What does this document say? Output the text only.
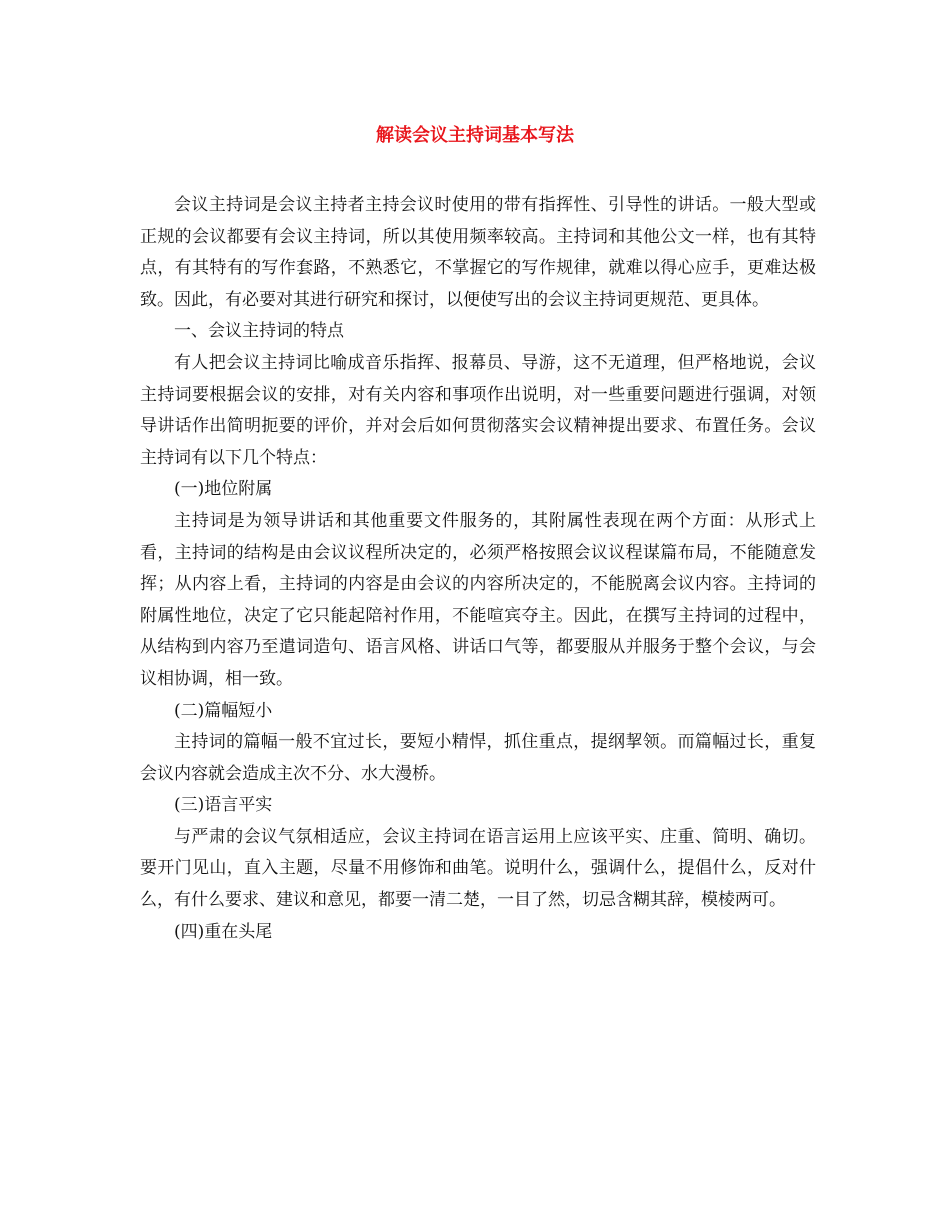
解读会议主持词基本写法

会议主持词是会议主持者主持会议时使用的带有指挥性、引导性的讲话。一般大型或正规的会议都要有会议主持词，所以其使用频率较高。主持词和其他公文一样，也有其特点，有其特有的写作套路，不熟悉它，不掌握它的写作规律，就难以得心应手，更难达极致。因此，有必要对其进行研究和探讨，以便使写出的会议主持词更规范、更具体。

一、会议主持词的特点

有人把会议主持词比喻成音乐指挥、报幕员、导游，这不无道理，但严格地说，会议主持词要根据会议的安排，对有关内容和事项作出说明，对一些重要问题进行强调，对领导讲话作出简明扼要的评价，并对会后如何贯彻落实会议精神提出要求、布置任务。会议主持词有以下几个特点：

(一)地位附属

主持词是为领导讲话和其他重要文件服务的，其附属性表现在两个方面：从形式上看，主持词的结构是由会议议程所决定的，必须严格按照会议议程谋篇布局，不能随意发挥；从内容上看，主持词的内容是由会议的内容所决定的，不能脱离会议内容。主持词的附属性地位，决定了它只能起陪衬作用，不能喧宾夺主。因此，在撰写主持词的过程中，从结构到内容乃至遣词造句、语言风格、讲话口气等，都要服从并服务于整个会议，与会议相协调，相一致。

(二)篇幅短小

主持词的篇幅一般不宜过长，要短小精悍，抓住重点，提纲挈领。而篇幅过长，重复会议内容就会造成主次不分、水大漫桥。

(三)语言平实

与严肃的会议气氛相适应，会议主持词在语言运用上应该平实、庄重、简明、确切。要开门见山，直入主题，尽量不用修饰和曲笔。说明什么，强调什么，提倡什么，反对什么，有什么要求、建议和意见，都要一清二楚，一目了然，切忌含糊其辞，模棱两可。

(四)重在头尾
